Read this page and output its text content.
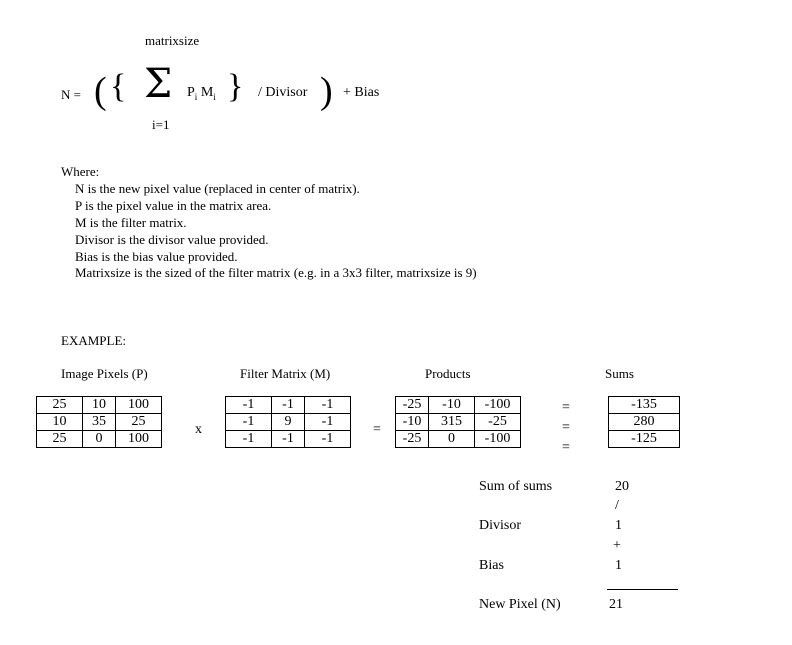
matrixsize
N = ( { Σ $P_i$ $M_i$ } / Divisor ) + Bias
i=1
Where:
N is the new pixel value (replaced in center of matrix).
P is the pixel value in the matrix area.
M is the filter matrix.
Divisor is the divisor value provided.
Bias is the bias value provided.
Matrixsize is the sized of the filter matrix (e.g. in a 3x3 filter, matrixsize is 9)
EXAMPLE:
Image Pixels (P)	Filter Matrix (M)	Products	Sums
25	10	100
10	35	25
25	0	100
x
-1	-1	-1
-1	9	-1
-1	-1	-1
=
-25	-10	-100
-10	315	-25
-25	0	-100
=
=
=
-135
280
-125
Sum of sums	20
/
Divisor	1
+
Bias	1
New Pixel (N)	21
